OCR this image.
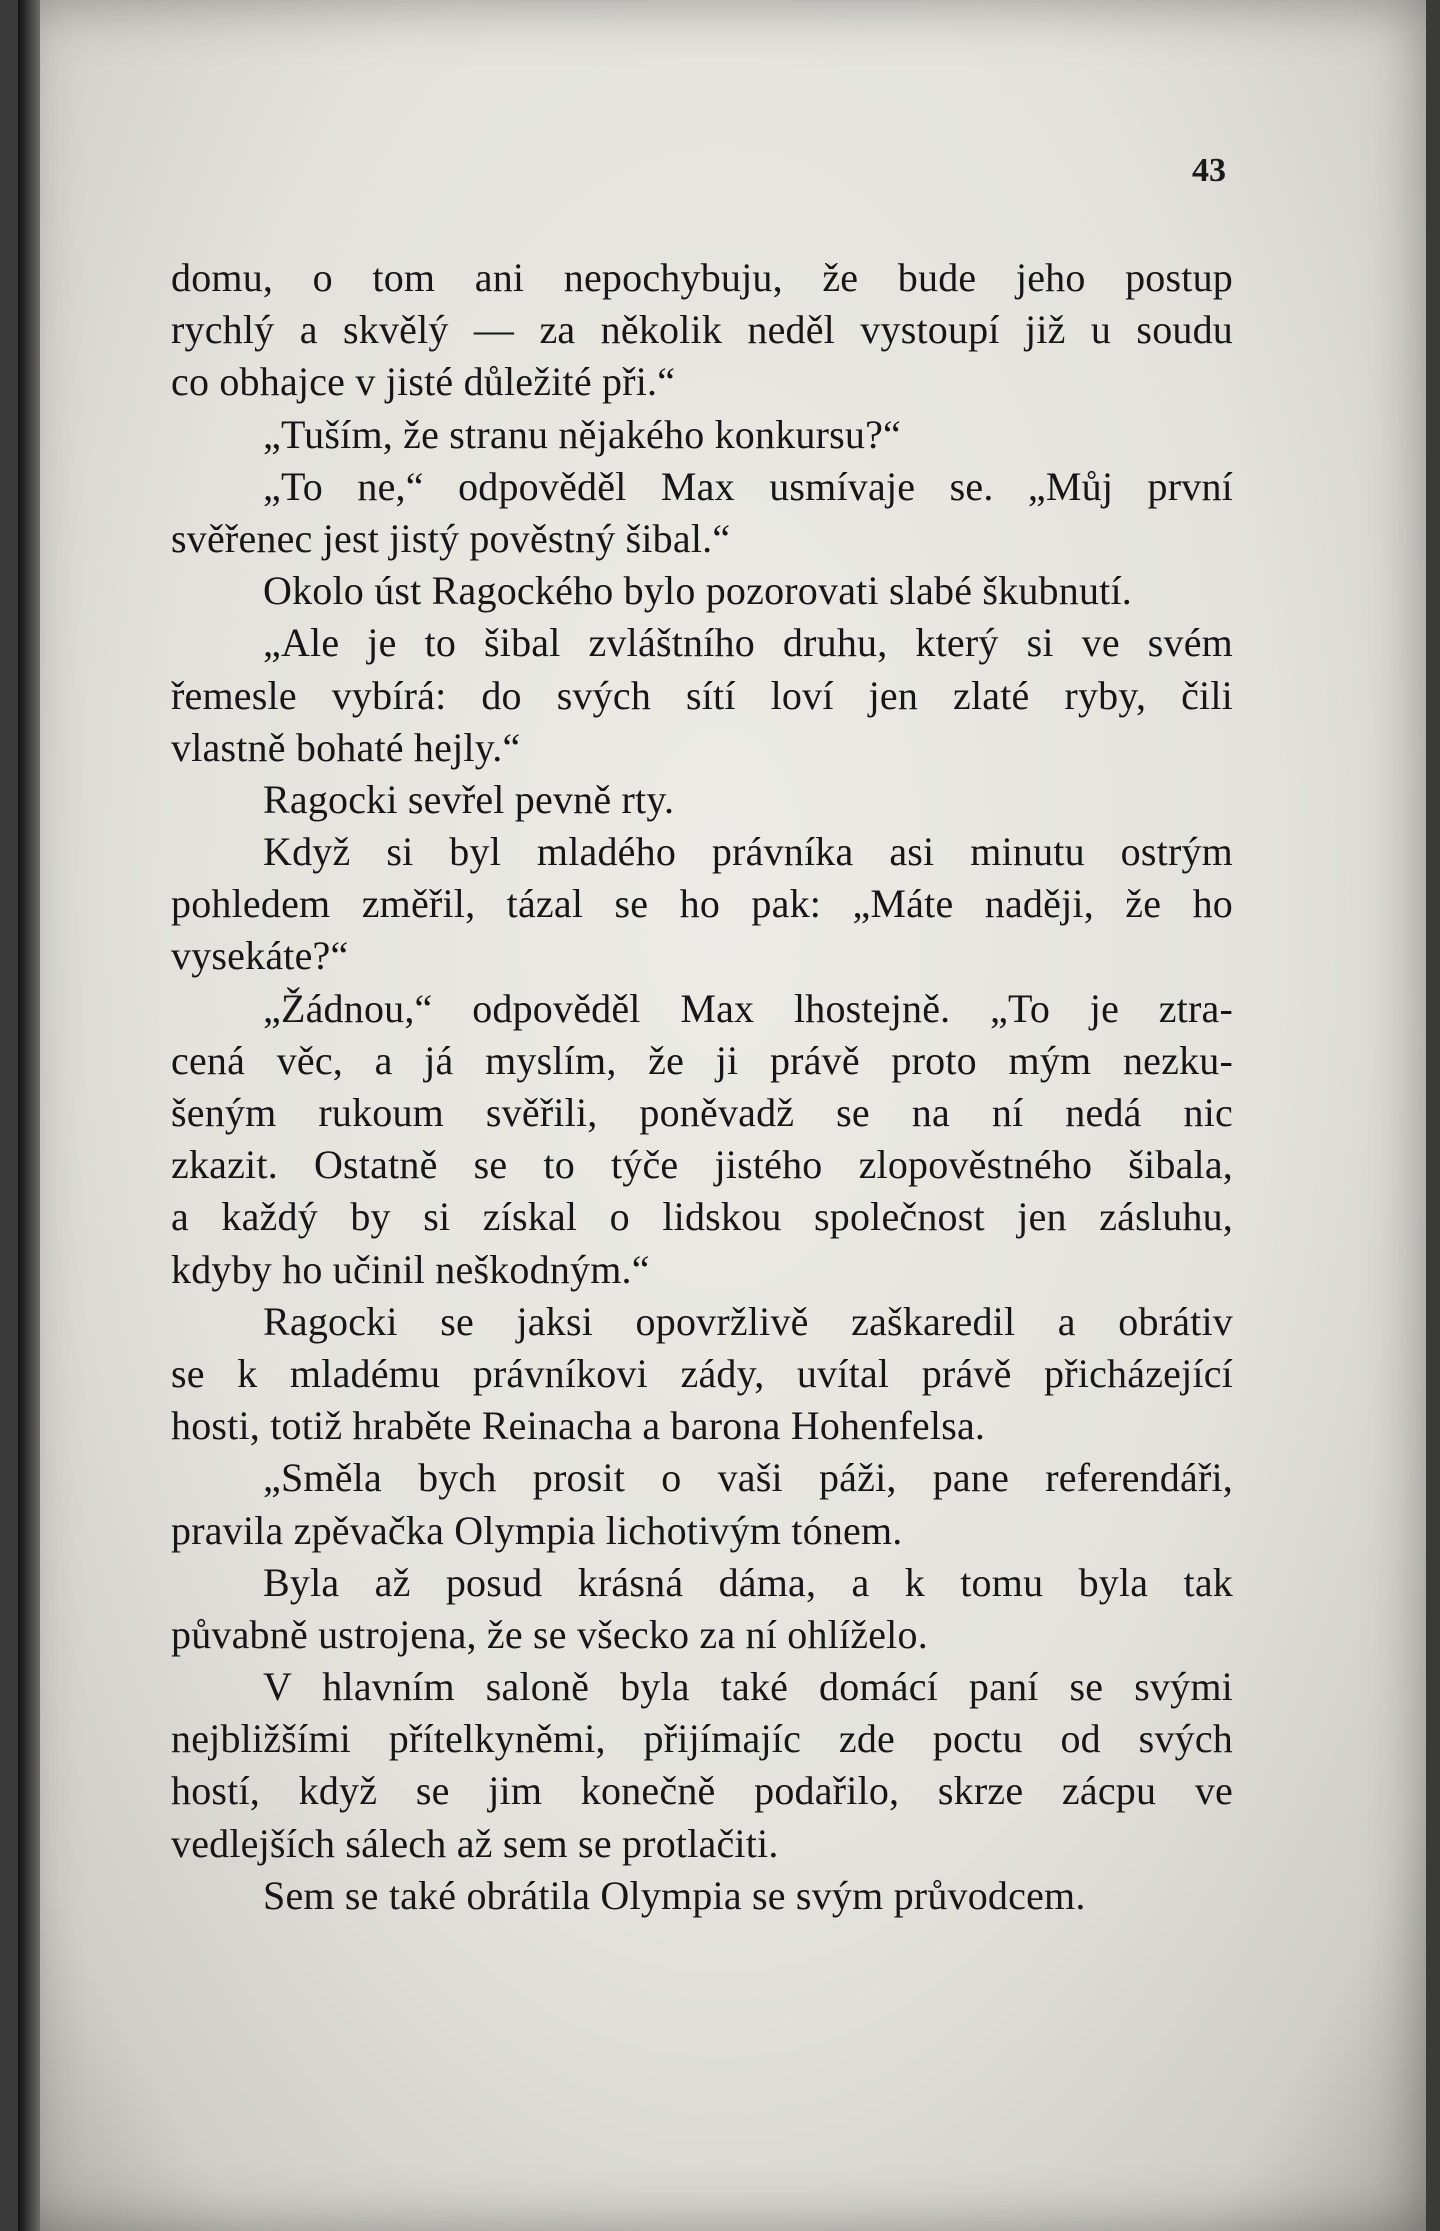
43
domu, o tom ani nepochybuju, že bude jeho postup
rychlý a skvělý — za několik neděl vystoupí již u soudu
co obhajce v jisté důležité při.“
„Tuším, že stranu nějakého konkursu?“
„To ne,“ odpověděl Max usmívaje se. „Můj první
svěřenec jest jistý pověstný šibal.“
Okolo úst Ragockého bylo pozorovati slabé škubnutí.
„Ale je to šibal zvláštního druhu, který si ve svém
řemesle vybírá: do svých sítí loví jen zlaté ryby, čili
vlastně bohaté hejly.“
Ragocki sevřel pevně rty.
Když si byl mladého právníka asi minutu ostrým
pohledem změřil, tázal se ho pak: „Máte naději, že ho
vysekáte?“
„Žádnou,“ odpověděl Max lhostejně. „To je ztra-
cená věc, a já myslím, že ji právě proto mým nezku-
šeným rukoum svěřili, poněvadž se na ní nedá nic
zkazit. Ostatně se to týče jistého zlopověstného šibala,
a každý by si získal o lidskou společnost jen zásluhu,
kdyby ho učinil neškodným.“
Ragocki se jaksi opovržlivě zaškaredil a obrátiv
se k mladému právníkovi zády, uvítal právě přicházející
hosti, totiž hraběte Reinacha a barona Hohenfelsa.
„Směla bych prosit o vaši páži, pane referendáři,
pravila zpěvačka Olympia lichotivým tónem.
Byla až posud krásná dáma, a k tomu byla tak
půvabně ustrojena, že se všecko za ní ohlíželo.
V hlavním saloně byla také domácí paní se svými
nejbližšími přítelkyněmi, přijímajíc zde poctu od svých
hostí, když se jim konečně podařilo, skrze zácpu ve
vedlejších sálech až sem se protlačiti.
Sem se také obrátila Olympia se svým průvodcem.
